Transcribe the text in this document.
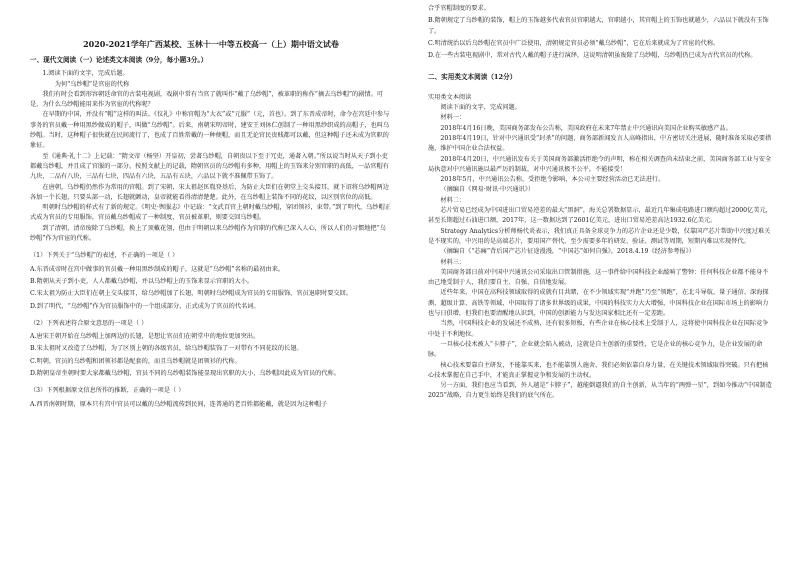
2020-2021学年广西某校、玉林十一中等五校高一（上）期中语文试卷
一、现代文阅读（一）论述类文本阅读（9分，每小题3分。）

1.阅读下面的文字，完成后题。

为何“乌纱帽”是官宦的代称

我们有时会看到形容朝廷命官的古装电视剧，戏剧中常有当官了就叫作“戴了乌纱帽”，被革职的称作“摘去乌纱帽”的剧情。可是，为什么乌纱帽能用来作为官宦的代称呢？

在早期的中国，并没有“帽”这样的叫法。《仪礼》中称官帽为“大衣”或“元服”（元，首也）。到了东晋成帝时，命令在宫廷中参与事务的官员戴一种用黑纱做成的帽子，叫做“乌纱帽”。后来，南朝宋明帝时，建安王刘休仁创制了一种用黑纱织成的高帽子，也叫乌纱帽。当时，这种帽子很快就在民间流行了，也成了百姓常戴的一种便帽，而且无论官民贵贱都可以戴，但这种帽子还未成为官职的象征。

至《通典·礼十二》上记载：“隋文帝（杨坚）开皇初，尝著乌纱帽，自朝贵以下至于冗吏，通著入朝。”所以说当时从天子到小吏都戴乌纱帽，并且成了官服的一部分。按照文献上的记载，隋朝官员的乌纱帽有多种，用帽上的玉饰来分别官职的高低，一品官帽有九块，二品有八块，三品有七块，四品有六块，五品有五块，六品以下就不准佩带玉饰了。

在唐朝，乌纱帽仍然作为常用的官帽。到了宋朝，宋太祖赵匡胤登基后，为防止大臣们在朝堂上交头接耳，就下诏将乌纱帽两边各加一个长翅，只要头部一动，长翅就颤动，皇帝就能看得清清楚楚。此外，在乌纱帽上装饰不同的花纹，以区别官位的高低。

明朝时乌纱帽的样式有了新的规定。《明史·舆服志》中记载：“文武百官上朝时戴乌纱帽，穿团领衫，束带。”到了明代，乌纱帽正式成为官员的专用服饰，官员戴乌纱帽成了一种制度，官员被革职，则要交回乌纱帽。

到了清朝，清帝废除了乌纱帽，换上了顶戴花翎，但由于明朝以来乌纱帽作为官职的代称已深入人心，所以人们仍习惯地把“乌纱帽”作为官宦的代称。

（1）下列关于“乌纱帽”的表述，不正确的一项是（ ）
A.东晋成帝时在宫中做事的官员戴一种用黑纱制成的帽子，这就是“乌纱帽”名称的最初由来。
B.隋朝从天子到小吏，人人都戴乌纱帽，并以乌纱帽上的玉饰来显示官职的大小。
C.宋太祖为防止大臣们在朝上交头接耳，给乌纱帽加了长翅，明朝时乌纱帽成为官员的专用服饰，官员退职时要交回。
D.到了明代，“乌纱帽”作为官员服饰中的一个组成部分，正式成为了官员的代名词。
（2）下列表述符合原文意思的一项是（ ）
A.唐宋王朝开始在乌纱帽上加两边的长翅，是想让官员们在朝堂中的地位更加突出。
B.宋太祖时又改造了乌纱帽，为了区别上朝的各级官员，给乌纱帽装饰了一对带有不同花纹的长翅。
C.明朝，官员的乌纱帽和团领衫都是配套的，而且乌纱帽就是团领衫的代称。
D.隋朝皇帝坐朝时要大家都戴乌纱帽，官员不同的乌纱帽装饰能显现出官职的大小，乌纱帽因此成为官员的代称。
（3）下列根据原文信息所作的推断，正确的一项是（ ）
A.西晋南朝时期，原本只有宫中官员可以戴的乌纱帽流传到民间，连普通的老百姓都能戴，就是因为这种帽子
合乎官帽制度的要求。
B.隋朝规定了乌纱帽的装饰，帽上的玉饰越多代表官员官职越大，官职越小，其官帽上的玉饰也就越少，六品以下就没有玉饰了。
C.明清统治以后乌纱帽在官员中广泛使用，清朝规定官员必须“戴乌纱帽”，它在后来就成为了官宦的代称。
D.在一些古装电视剧中，常对古代人戴的帽子进行演绎，这说明清朝虽废除了乌纱帽，乌纱帽仍已成为古代官员的代称。
二、实用类文本阅读（12分）

实用类文本阅读

阅读下面的文字，完成问题。

材料一：

2018年4月16日晚，美国商务部发布公告称，美国政府在未来7年禁止中兴通讯向美国企业购买敏感产品。

2018年4月19日，针对中兴通讯受“封杀”的问题，商务部新闻发言人高峰指出，中方密切关注进展，随时准备采取必要措施，维护中国企业合法权益。

2018年4月20日，中兴通讯发布关于美国商务部激活拒绝令的声明，称在相关调查尚未结束之前，美国商务部工业与安全局执意对中兴通讯施以最严厉的制裁，对中兴通讯极不公平，不能接受！

2018年5月，中兴通讯公告称，受拒绝令影响，本公司主要经营活动已无法进行。

（摘编自《网易·财讯·中兴通讯》）

材料二：

芯片贸易已经成为中国进出口贸易逆差的最大“黑洞”，海关总署数据显示，最近几年集成电路进口额均超过2000亿美元，甚至长期超过石油进口额，2017年，这一数据达到了2601亿美元，进出口贸易逆差高达1932.6亿美元。

Strategy Analytics分析师杨代炎表示，我们真正具备全球竞争力的芯片企业还是少数，仅靠国产芯片帮助中兴度过难关是不现实的，中兴用的是高端芯片，要用国产替代，至少需要多年的研发、验证、测试等周期，短期内难以实现替代。

（摘编自《“芯痛”背后国产芯片征途漫漫，“中国芯”如何自强》，2018.4.19《经济参考报》）

材料三：

美国商务部日前对中国中兴通讯公司采取出口管制措施，这一事件给中国科技企业敲响了警钟：任何科技企业都不能身不由己地受制于人，我们要自主、自强、自信地发展。

近些年来，中国在高科技领域取得的成就有目共睹，在不少领域实现“并跑”乃至“领跑”，在北斗导航、量子通信、深海探测、超级计算、高铁等领域，中国取得了诸多世界级的成果，中国的科技实力大大增强，中国科技企业在国际市场上的影响力也与日俱增，但我们也要清醒地认识到，中国的创新能力与发达国家相比还有一定差距。

当然，中国科技企业的发展还不成熟，还有很多短板，有些企业在核心技术上受制于人，这将使中国科技企业在国际竞争中处于不利地位。

一旦核心技术被人“卡脖子”，企业就会陷入被动，这就是自主创新的重要性，它是企业的核心竞争力，是企业发展的命脉。

核心技术要靠自主研发，不能靠买来，也不能靠别人施舍，我们必须依靠自身力量，在关键技术领域取得突破。只有把核心技术掌握在自己手中，才能真正掌握竞争和发展的主动权。

另一方面，我们也应当看到，外人越是“卡脖子”，越能倒逼我们的自主创新，从当年的“两弹一星”，到如今推动“中国制造2025”战略，自力更生始终是我们的底气所在。
